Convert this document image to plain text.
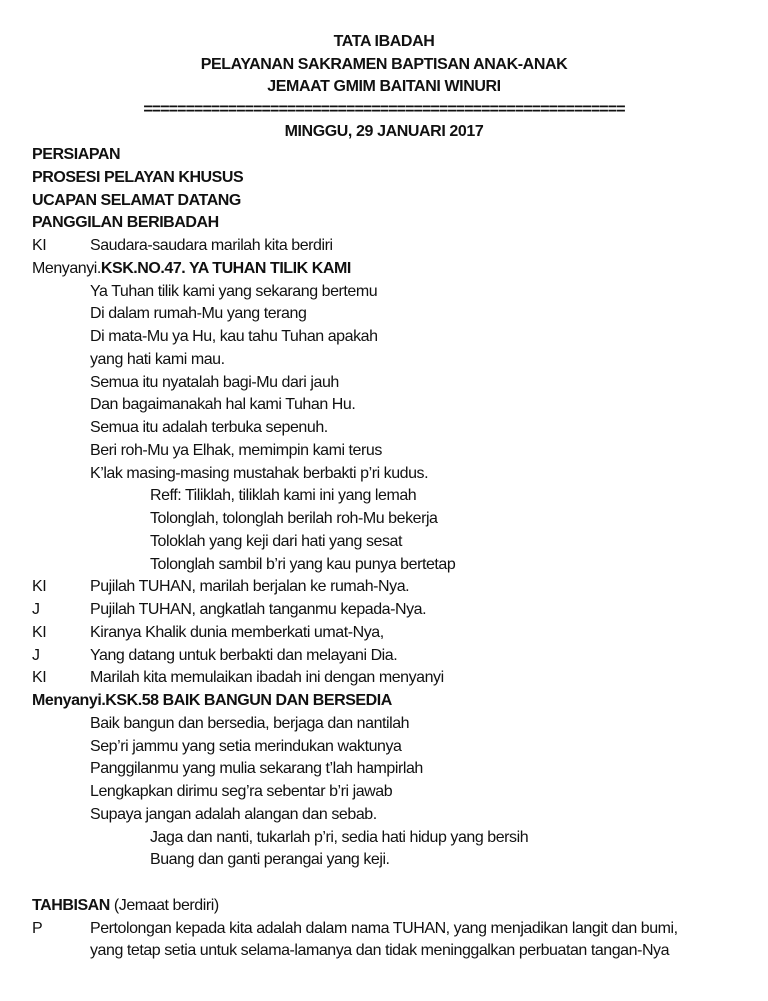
TATA IBADAH
PELAYANAN SAKRAMEN BAPTISAN ANAK-ANAK
JEMAAT GMIM BAITANI WINURI
=========================================================
MINGGU, 29 JANUARI 2017
PERSIAPAN
PROSESI PELAYAN KHUSUS
UCAPAN SELAMAT DATANG
PANGGILAN BERIBADAH
KI	Saudara-saudara marilah kita berdiri
Menyanyi.KSK.NO.47. YA TUHAN TILIK KAMI
Ya Tuhan tilik kami yang sekarang bertemu
Di dalam rumah-Mu yang terang
Di mata-Mu ya Hu, kau tahu Tuhan apakah
yang hati kami mau.
Semua itu nyatalah bagi-Mu dari jauh
Dan bagaimanakah hal kami Tuhan Hu.
Semua itu adalah terbuka sepenuh.
Beri roh-Mu ya Elhak, memimpin kami terus
K’lak masing-masing mustahak berbakti p’ri kudus.
Reff: Tiliklah, tiliklah kami ini yang lemah
Tolonglah, tolonglah berilah roh-Mu bekerja
Toloklah yang keji dari hati yang sesat
Tolonglah sambil b’ri yang kau punya bertetap
KI	Pujilah TUHAN, marilah berjalan ke rumah-Nya.
J	Pujilah TUHAN, angkatlah tanganmu kepada-Nya.
KI	Kiranya Khalik dunia memberkati umat-Nya,
J	Yang datang untuk berbakti dan melayani Dia.
KI	Marilah kita memulaikan ibadah ini dengan menyanyi
Menyanyi.KSK.58 BAIK BANGUN DAN BERSEDIA
Baik bangun dan bersedia, berjaga dan nantilah
Sep’ri jammu yang setia merindukan waktunya
Panggilanmu yang mulia sekarang t’lah hampirlah
Lengkapkan dirimu seg’ra sebentar b’ri jawab
Supaya jangan adalah alangan dan sebab.
Jaga dan nanti, tukarlah p’ri, sedia hati hidup yang bersih
Buang dan ganti perangai yang keji.
TAHBISAN (Jemaat berdiri)
P	Pertolongan kepada kita adalah dalam nama TUHAN, yang menjadikan langit dan bumi,
yang tetap setia untuk selama-lamanya dan tidak meninggalkan perbuatan tangan-Nya
